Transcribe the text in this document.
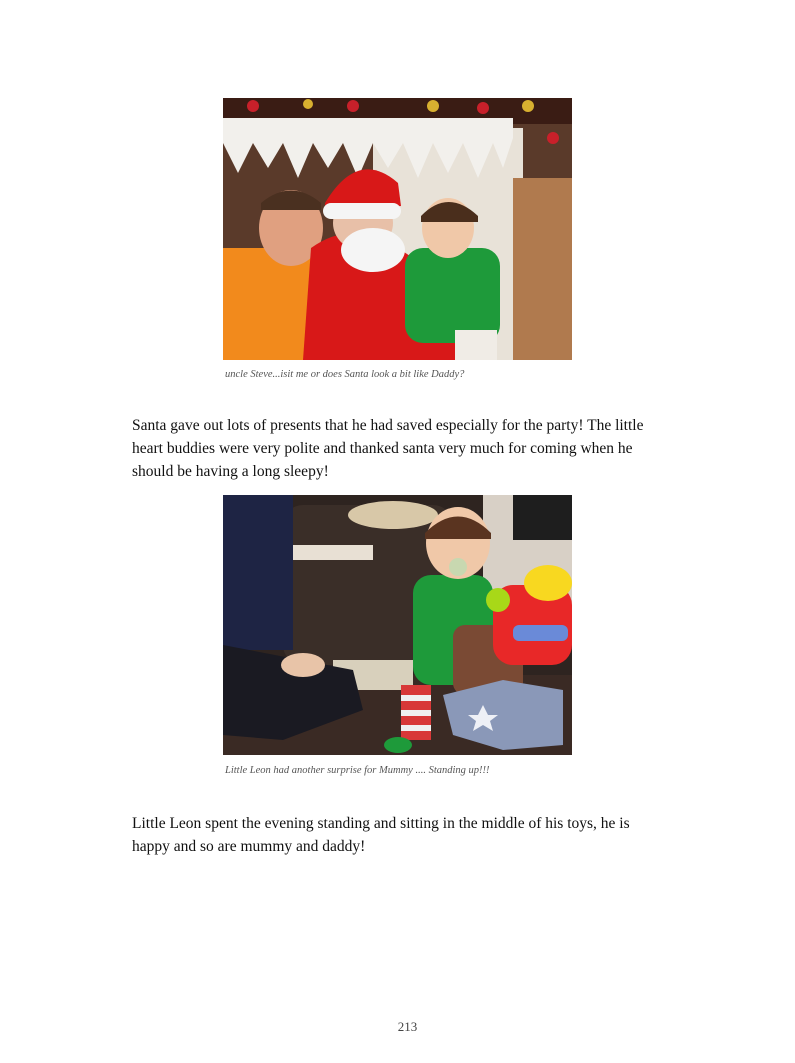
uncle Steve...isit me or does Santa look a bit like Daddy?

Santa gave out lots of presents that he had saved especially for the party! The little heart buddies were very polite and thanked santa very much for coming when he should be having a long sleepy!

Little Leon had another surprise for Mummy .... Standing up!!!

Little Leon spent the evening standing and sitting in the middle of his toys, he is happy and so are mummy and daddy!

213
